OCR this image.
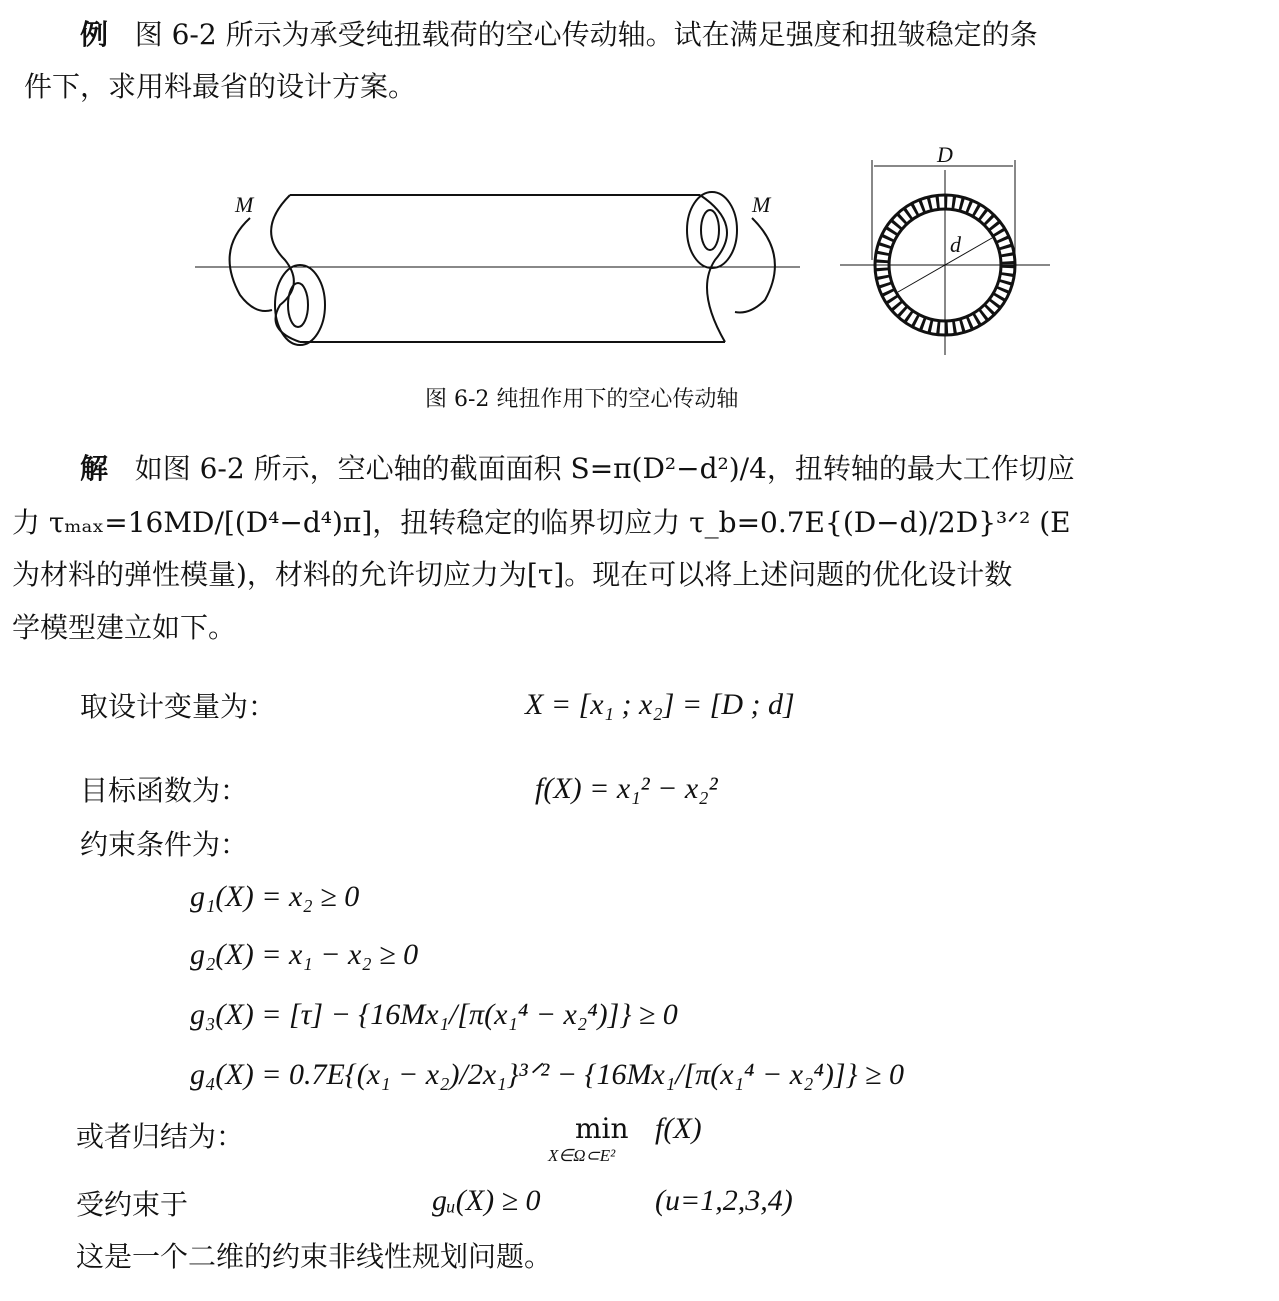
例 图 6-2 所示为承受纯扭载荷的空心传动轴。试在满足强度和扭皱稳定的条
件下，求用料最省的设计方案。
M	M
D
d
图 6-2 纯扭作用下的空心传动轴
解 如图 6-2 所示，空心轴的截面面积 S=π(D²−d²)/4，扭转轴的最大工作切应
力 τₘₐₓ=16MD/[(D⁴−d⁴)π]，扭转稳定的临界切应力 τ_b=0.7E{(D−d)/2D}³ᐟ² (E
为材料的弹性模量)，材料的允许切应力为[τ]。现在可以将上述问题的优化设计数
学模型建立如下。
取设计变量为：	X = [x₁ ; x₂] = [D ; d]
目标函数为：	f(X) = x₁² − x₂²
约束条件为：
g₁(X) = x₂ ≥ 0
g₂(X) = x₁ − x₂ ≥ 0
g₃(X) = [τ] − {16Mx₁/[π(x₁⁴ − x₂⁴)]} ≥ 0
g₄(X) = 0.7E{(x₁ − x₂)/2x₁}³ᐟ² − {16Mx₁/[π(x₁⁴ − x₂⁴)]} ≥ 0
或者归结为：	min
X∈Ω⊂E²
f(X)
受约束于	gᵤ(X) ≥ 0	(u=1,2,3,4)
这是一个二维的约束非线性规划问题。
